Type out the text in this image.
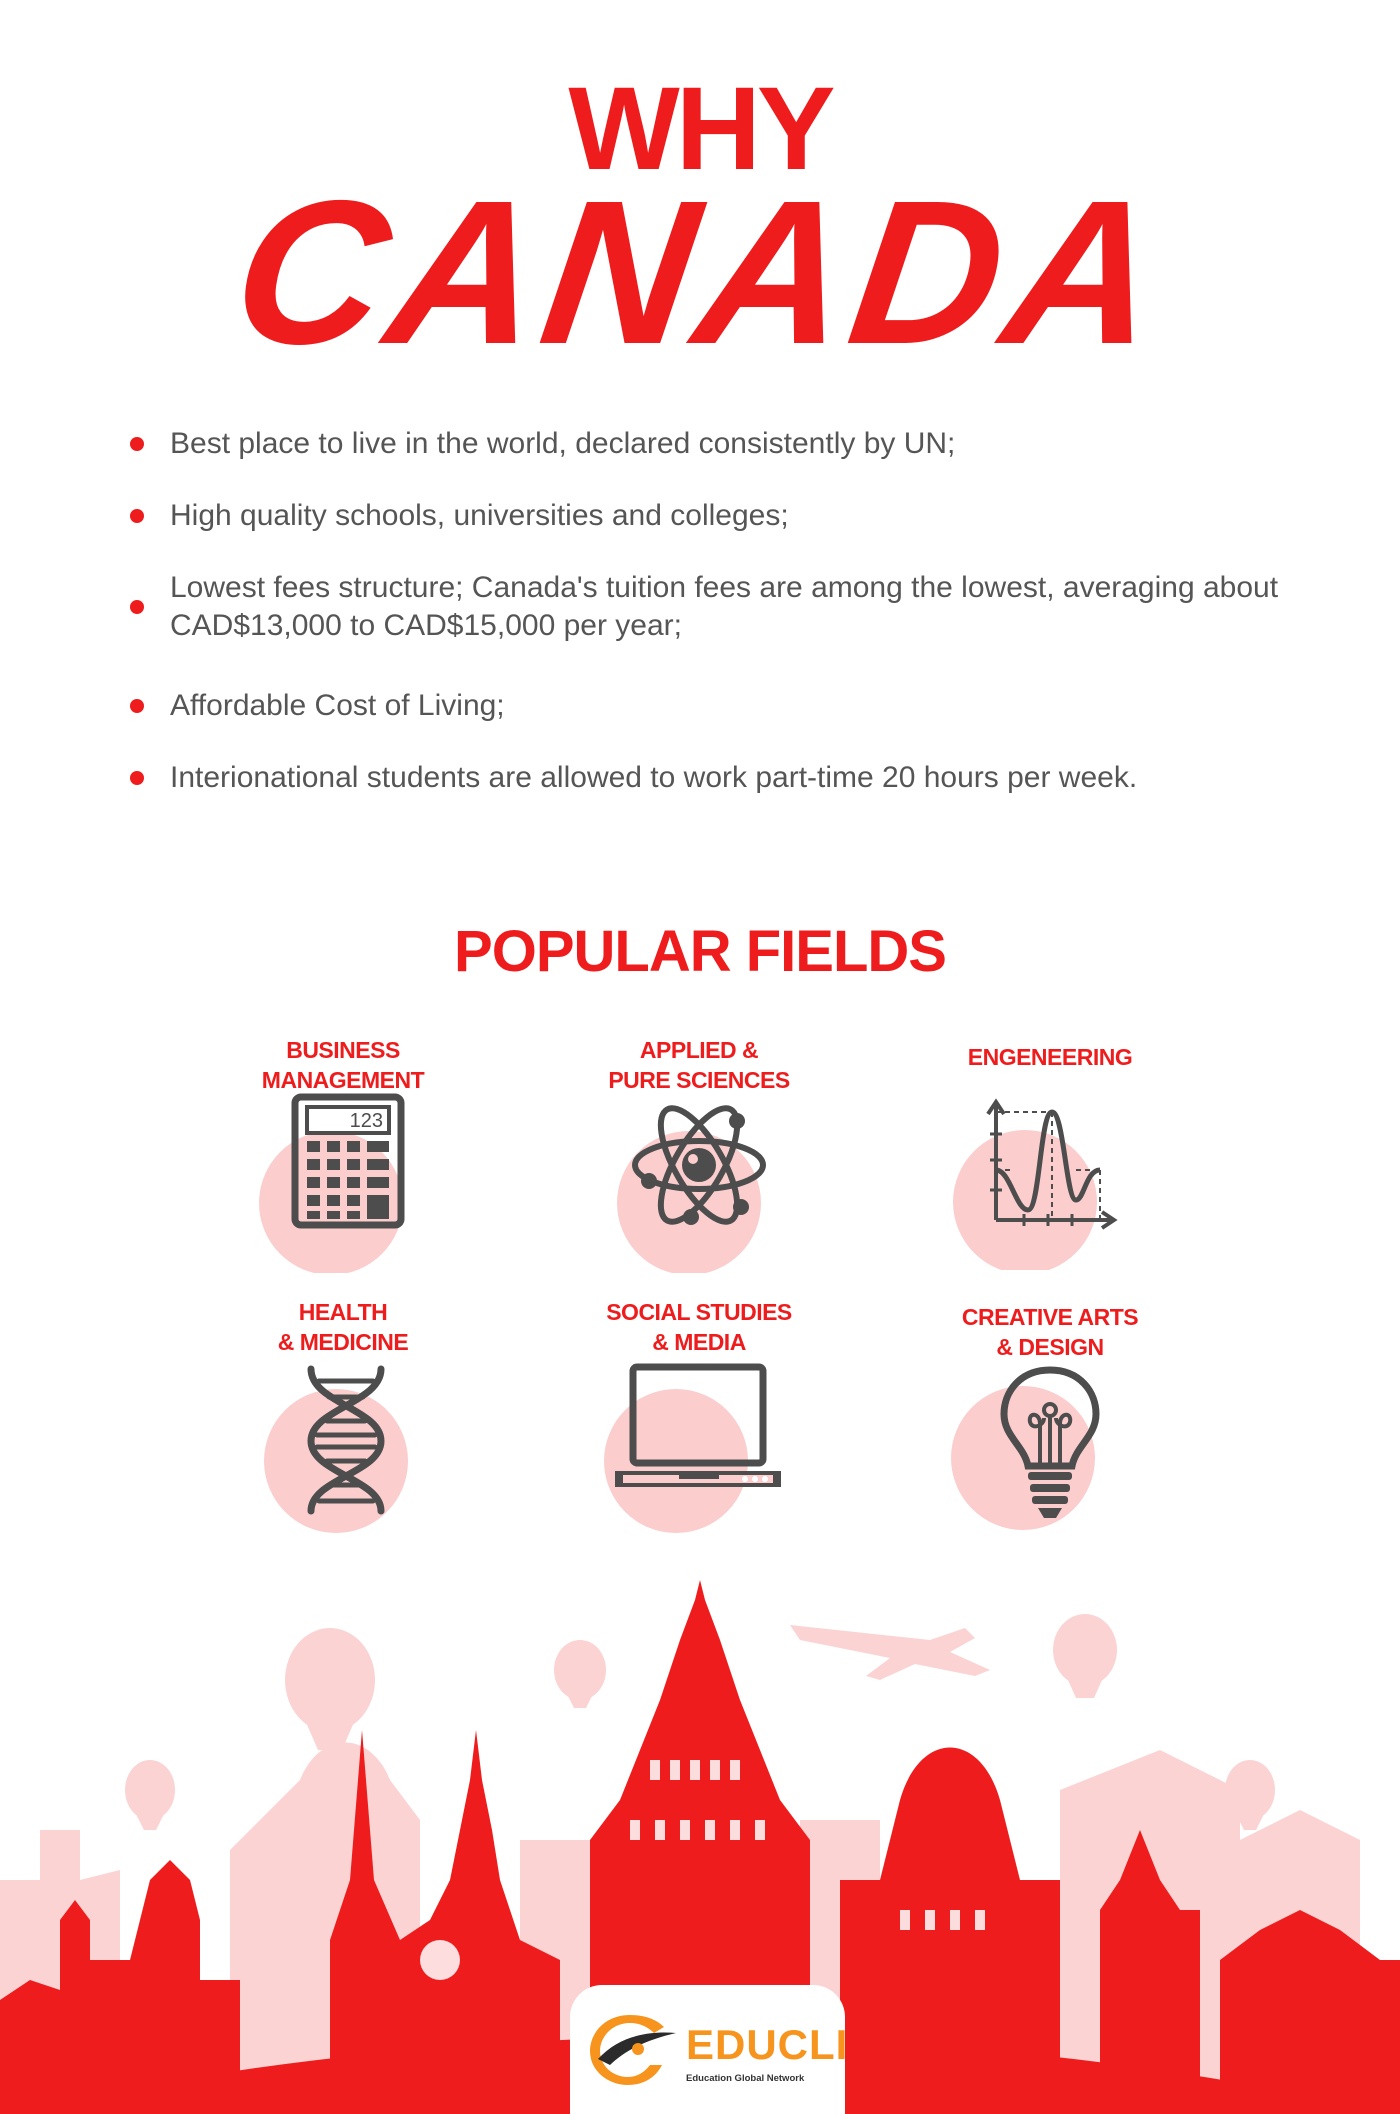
WHY
CANADA
Best place to live in the world, declared consistently by UN;
High quality schools, universities and colleges;
Lowest fees structure; Canada's tuition fees are among the lowest, averaging about CAD$13,000 to CAD$15,000 per year;
Affordable Cost of Living;
Interionational students are allowed to work part-time 20 hours per week.
POPULAR FIELDS
BUSINESS
MANAGEMENT
123
APPLIED &
PURE SCIENCES
ENGENEERING
HEALTH
& MEDICINE
SOCIAL STUDIES
& MEDIA
CREATIVE ARTS
& DESIGN
EDUCLI
Education Global Network
